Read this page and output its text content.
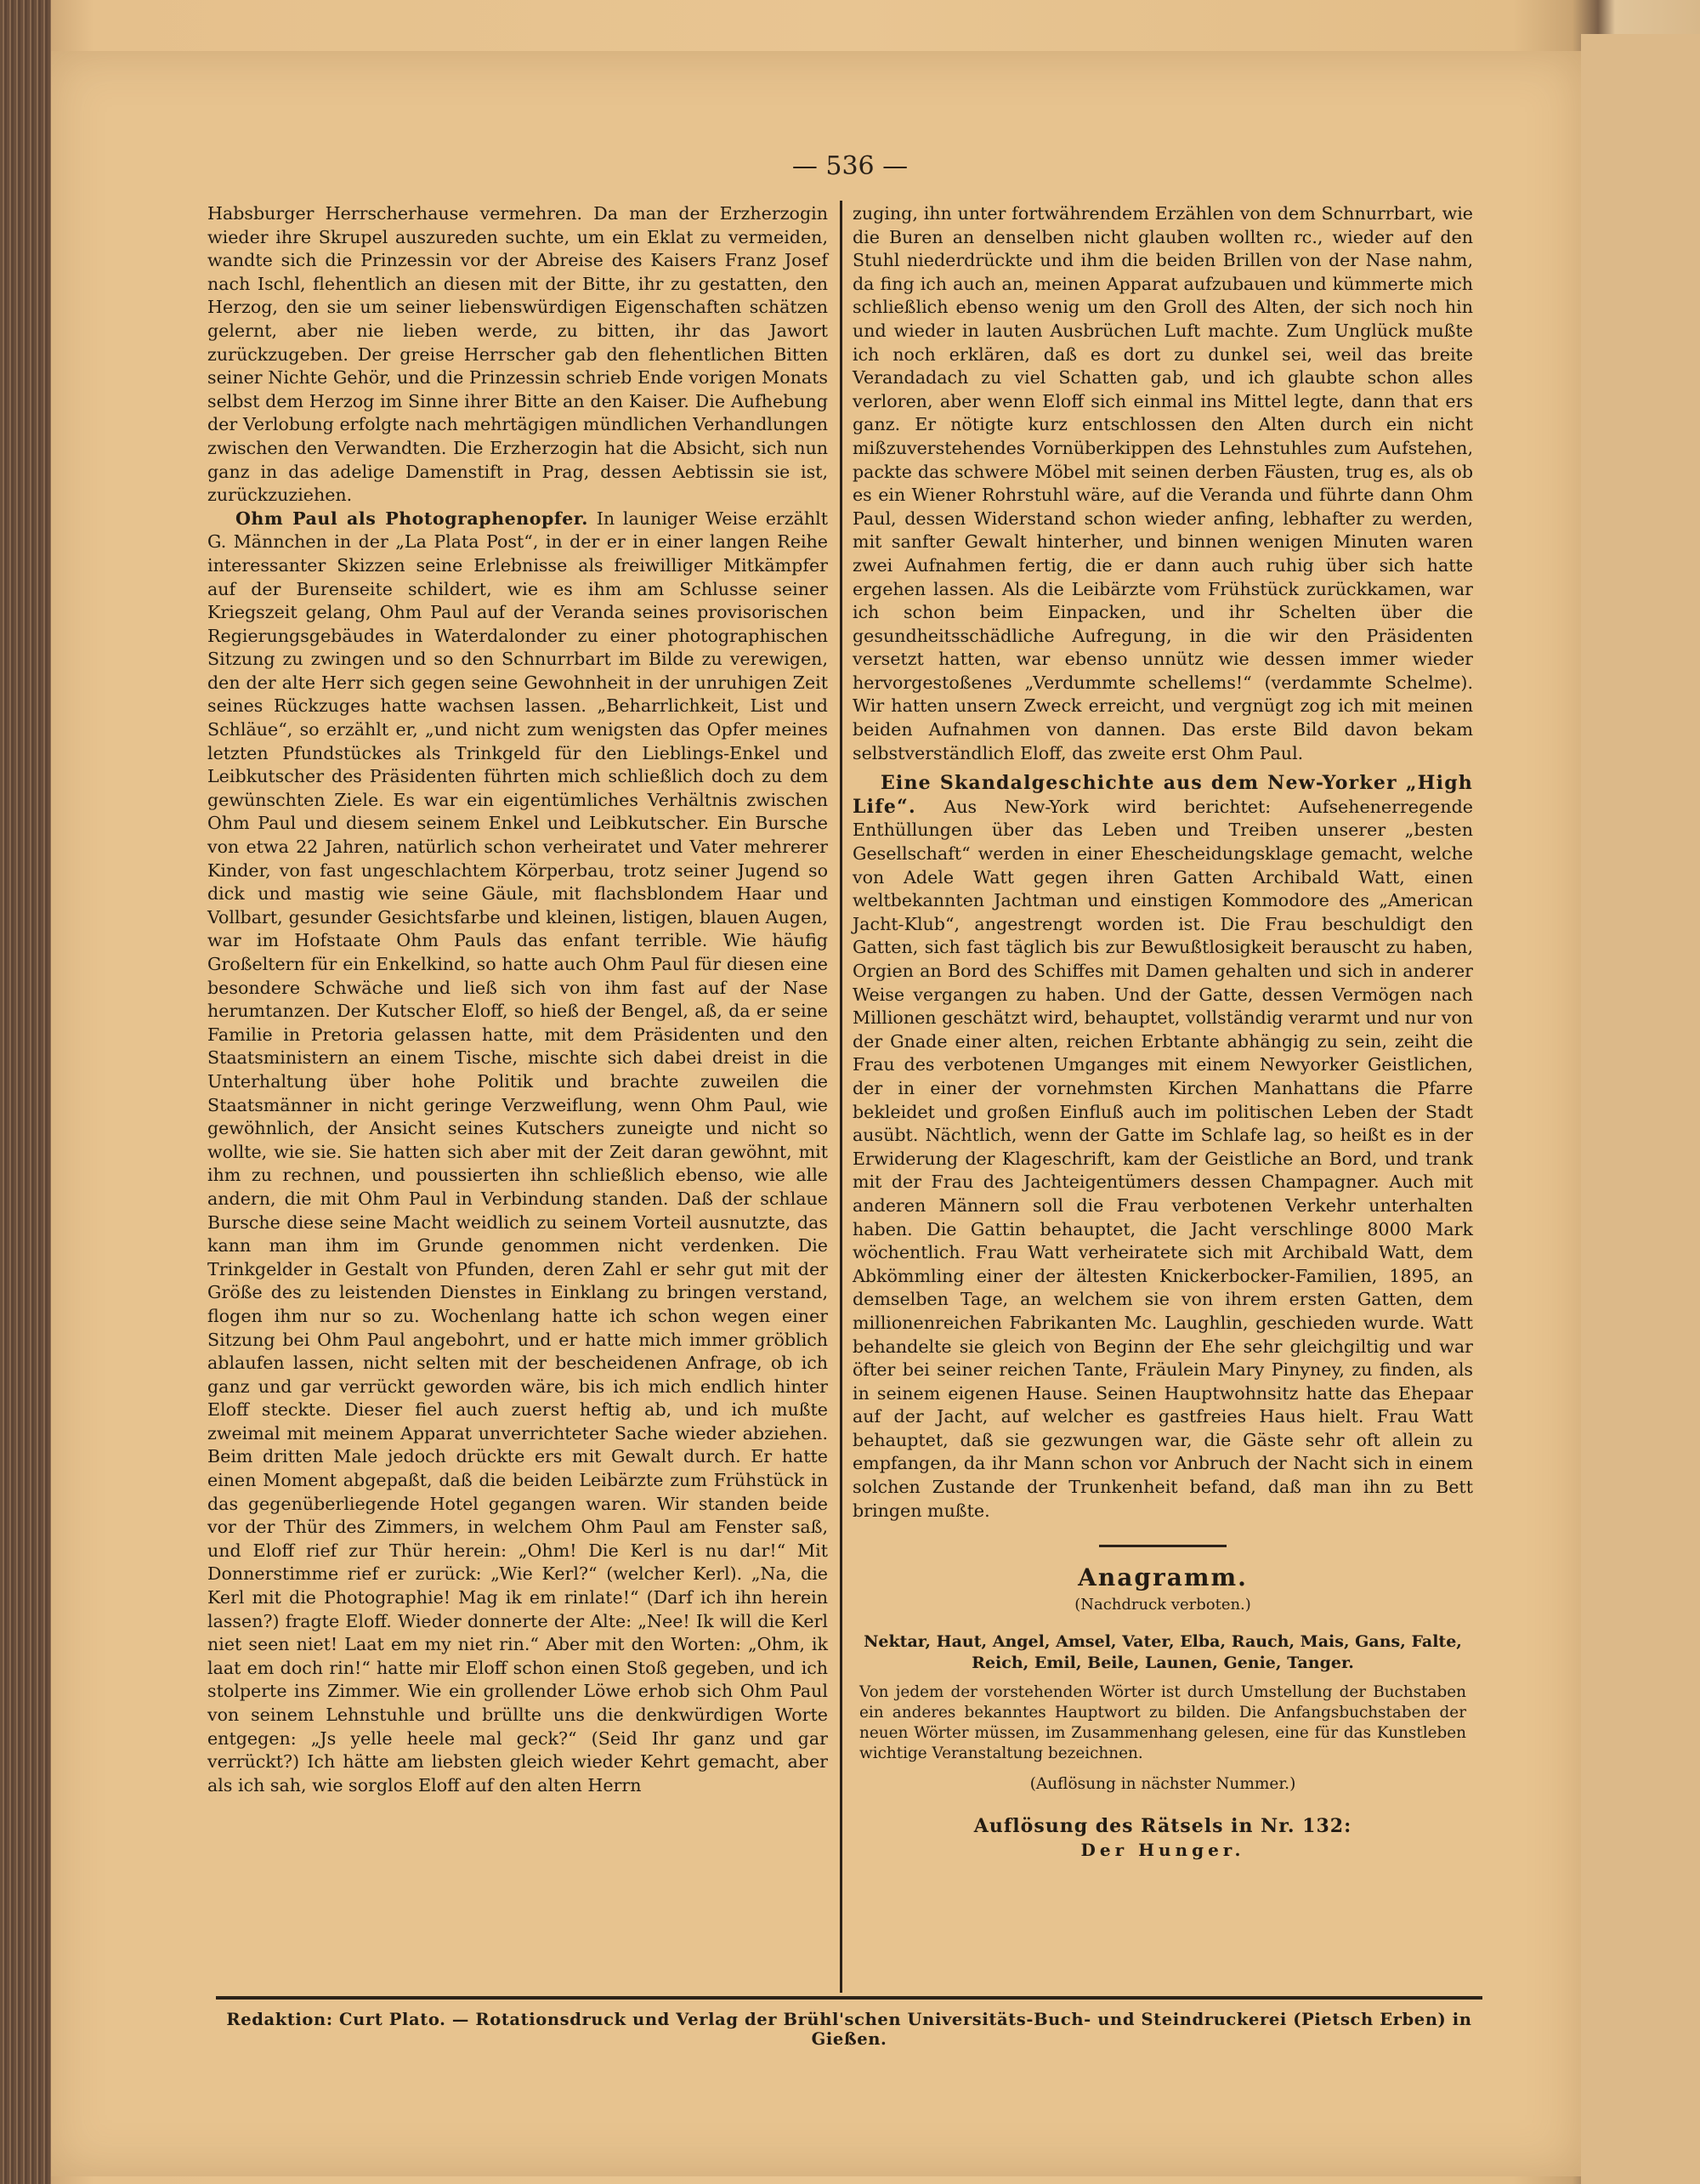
— 536 —

Habsburger Herrscherhause vermehren. Da man der Erzherzogin wieder ihre Skrupel auszureden suchte, um ein Eklat zu vermeiden, wandte sich die Prinzessin vor der Abreise des Kaisers Franz Josef nach Ischl, flehentlich an diesen mit der Bitte, ihr zu gestatten, den Herzog, den sie um seiner liebenswürdigen Eigenschaften schätzen gelernt, aber nie lieben werde, zu bitten, ihr das Jawort zurückzugeben. Der greise Herrscher gab den flehentlichen Bitten seiner Nichte Gehör, und die Prinzessin schrieb Ende vorigen Monats selbst dem Herzog im Sinne ihrer Bitte an den Kaiser. Die Aufhebung der Verlobung erfolgte nach mehrtägigen mündlichen Verhandlungen zwischen den Verwandten. Die Erzherzogin hat die Absicht, sich nun ganz in das adelige Damenstift in Prag, dessen Aebtissin sie ist, zurückzuziehen.

Ohm Paul als Photographenopfer. In launiger Weise erzählt G. Männchen in der „La Plata Post“, in der er in einer langen Reihe interessanter Skizzen seine Erlebnisse als freiwilliger Mitkämpfer auf der Burenseite schildert, wie es ihm am Schlusse seiner Kriegszeit gelang, Ohm Paul auf der Veranda seines provisorischen Regierungsgebäudes in Waterdalonder zu einer photographischen Sitzung zu zwingen und so den Schnurrbart im Bilde zu verewigen, den der alte Herr sich gegen seine Gewohnheit in der unruhigen Zeit seines Rückzuges hatte wachsen lassen. „Beharrlichkeit, List und Schläue“, so erzählt er, „und nicht zum wenigsten das Opfer meines letzten Pfundstückes als Trinkgeld für den Lieblings-Enkel und Leibkutscher des Präsidenten führten mich schließlich doch zu dem gewünschten Ziele. Es war ein eigentümliches Verhältnis zwischen Ohm Paul und diesem seinem Enkel und Leibkutscher. Ein Bursche von etwa 22 Jahren, natürlich schon verheiratet und Vater mehrerer Kinder, von fast ungeschlachtem Körperbau, trotz seiner Jugend so dick und mastig wie seine Gäule, mit flachsblondem Haar und Vollbart, gesunder Gesichtsfarbe und kleinen, listigen, blauen Augen, war im Hofstaate Ohm Pauls das enfant terrible. Wie häufig Großeltern für ein Enkelkind, so hatte auch Ohm Paul für diesen eine besondere Schwäche und ließ sich von ihm fast auf der Nase herumtanzen. Der Kutscher Eloff, so hieß der Bengel, aß, da er seine Familie in Pretoria gelassen hatte, mit dem Präsidenten und den Staatsministern an einem Tische, mischte sich dabei dreist in die Unterhaltung über hohe Politik und brachte zuweilen die Staatsmänner in nicht geringe Verzweiflung, wenn Ohm Paul, wie gewöhnlich, der Ansicht seines Kutschers zuneigte und nicht so wollte, wie sie. Sie hatten sich aber mit der Zeit daran gewöhnt, mit ihm zu rechnen, und poussierten ihn schließlich ebenso, wie alle andern, die mit Ohm Paul in Verbindung standen. Daß der schlaue Bursche diese seine Macht weidlich zu seinem Vorteil ausnutzte, das kann man ihm im Grunde genommen nicht verdenken. Die Trinkgelder in Gestalt von Pfunden, deren Zahl er sehr gut mit der Größe des zu leistenden Dienstes in Einklang zu bringen verstand, flogen ihm nur so zu. Wochenlang hatte ich schon wegen einer Sitzung bei Ohm Paul angebohrt, und er hatte mich immer gröblich ablaufen lassen, nicht selten mit der bescheidenen Anfrage, ob ich ganz und gar verrückt geworden wäre, bis ich mich endlich hinter Eloff steckte. Dieser fiel auch zuerst heftig ab, und ich mußte zweimal mit meinem Apparat unverrichteter Sache wieder abziehen. Beim dritten Male jedoch drückte ers mit Gewalt durch. Er hatte einen Moment abgepaßt, daß die beiden Leibärzte zum Frühstück in das gegenüberliegende Hotel gegangen waren. Wir standen beide vor der Thür des Zimmers, in welchem Ohm Paul am Fenster saß, und Eloff rief zur Thür herein: „Ohm! Die Kerl is nu dar!“ Mit Donnerstimme rief er zurück: „Wie Kerl?“ (welcher Kerl). „Na, die Kerl mit die Photographie! Mag ik em rinlate!“ (Darf ich ihn herein lassen?) fragte Eloff. Wieder donnerte der Alte: „Nee! Ik will die Kerl niet seen niet! Laat em my niet rin.“ Aber mit den Worten: „Ohm, ik laat em doch rin!“ hatte mir Eloff schon einen Stoß gegeben, und ich stolperte ins Zimmer. Wie ein grollender Löwe erhob sich Ohm Paul von seinem Lehnstuhle und brüllte uns die denkwürdigen Worte entgegen: „Js yelle heele mal geck?“ (Seid Ihr ganz und gar verrückt?) Ich hätte am liebsten gleich wieder Kehrt gemacht, aber als ich sah, wie sorglos Eloff auf den alten Herrn

zuging, ihn unter fortwährendem Erzählen von dem Schnurrbart, wie die Buren an denselben nicht glauben wollten rc., wieder auf den Stuhl niederdrückte und ihm die beiden Brillen von der Nase nahm, da fing ich auch an, meinen Apparat aufzubauen und kümmerte mich schließlich ebenso wenig um den Groll des Alten, der sich noch hin und wieder in lauten Ausbrüchen Luft machte. Zum Unglück mußte ich noch erklären, daß es dort zu dunkel sei, weil das breite Verandadach zu viel Schatten gab, und ich glaubte schon alles verloren, aber wenn Eloff sich einmal ins Mittel legte, dann that ers ganz. Er nötigte kurz entschlossen den Alten durch ein nicht mißzuverstehendes Vornüberkippen des Lehnstuhles zum Aufstehen, packte das schwere Möbel mit seinen derben Fäusten, trug es, als ob es ein Wiener Rohrstuhl wäre, auf die Veranda und führte dann Ohm Paul, dessen Widerstand schon wieder anfing, lebhafter zu werden, mit sanfter Gewalt hinterher, und binnen wenigen Minuten waren zwei Aufnahmen fertig, die er dann auch ruhig über sich hatte ergehen lassen. Als die Leibärzte vom Frühstück zurückkamen, war ich schon beim Einpacken, und ihr Schelten über die gesundheitsschädliche Aufregung, in die wir den Präsidenten versetzt hatten, war ebenso unnütz wie dessen immer wieder hervorgestoßenes „Verdummte schellems!“ (verdammte Schelme). Wir hatten unsern Zweck erreicht, und vergnügt zog ich mit meinen beiden Aufnahmen von dannen. Das erste Bild davon bekam selbstverständlich Eloff, das zweite erst Ohm Paul.

Eine Skandalgeschichte aus dem New-Yorker „High Life“. Aus New-York wird berichtet: Aufsehenerregende Enthüllungen über das Leben und Treiben unserer „besten Gesellschaft“ werden in einer Ehescheidungsklage gemacht, welche von Adele Watt gegen ihren Gatten Archibald Watt, einen weltbekannten Jachtman und einstigen Kommodore des „American Jacht-Klub“, angestrengt worden ist. Die Frau beschuldigt den Gatten, sich fast täglich bis zur Bewußtlosigkeit berauscht zu haben, Orgien an Bord des Schiffes mit Damen gehalten und sich in anderer Weise vergangen zu haben. Und der Gatte, dessen Vermögen nach Millionen geschätzt wird, behauptet, vollständig verarmt und nur von der Gnade einer alten, reichen Erbtante abhängig zu sein, zeiht die Frau des verbotenen Umganges mit einem Newyorker Geistlichen, der in einer der vornehmsten Kirchen Manhattans die Pfarre bekleidet und großen Einfluß auch im politischen Leben der Stadt ausübt. Nächtlich, wenn der Gatte im Schlafe lag, so heißt es in der Erwiderung der Klageschrift, kam der Geistliche an Bord, und trank mit der Frau des Jachteigentümers dessen Champagner. Auch mit anderen Männern soll die Frau verbotenen Verkehr unterhalten haben. Die Gattin behauptet, die Jacht verschlinge 8000 Mark wöchentlich. Frau Watt verheiratete sich mit Archibald Watt, dem Abkömmling einer der ältesten Knickerbocker-Familien, 1895, an demselben Tage, an welchem sie von ihrem ersten Gatten, dem millionenreichen Fabrikanten Mc. Laughlin, geschieden wurde. Watt behandelte sie gleich von Beginn der Ehe sehr gleichgiltig und war öfter bei seiner reichen Tante, Fräulein Mary Pinyney, zu finden, als in seinem eigenen Hause. Seinen Hauptwohnsitz hatte das Ehepaar auf der Jacht, auf welcher es gastfreies Haus hielt. Frau Watt behauptet, daß sie gezwungen war, die Gäste sehr oft allein zu empfangen, da ihr Mann schon vor Anbruch der Nacht sich in einem solchen Zustande der Trunkenheit befand, daß man ihn zu Bett bringen mußte.

Anagramm.
(Nachdruck verboten.)
Nektar, Haut, Angel, Amsel, Vater, Elba, Rauch, Mais, Gans, Falte, Reich, Emil, Beile, Launen, Genie, Tanger.
Von jedem der vorstehenden Wörter ist durch Umstellung der Buchstaben ein anderes bekanntes Hauptwort zu bilden. Die Anfangsbuchstaben der neuen Wörter müssen, im Zusammenhang gelesen, eine für das Kunstleben wichtige Veranstaltung bezeichnen.
(Auflösung in nächster Nummer.)
Auflösung des Rätsels in Nr. 132:
Der Hunger.
Redaktion: Curt Plato. — Rotationsdruck und Verlag der Brühl'schen Universitäts-Buch- und Steindruckerei (Pietsch Erben) in Gießen.
